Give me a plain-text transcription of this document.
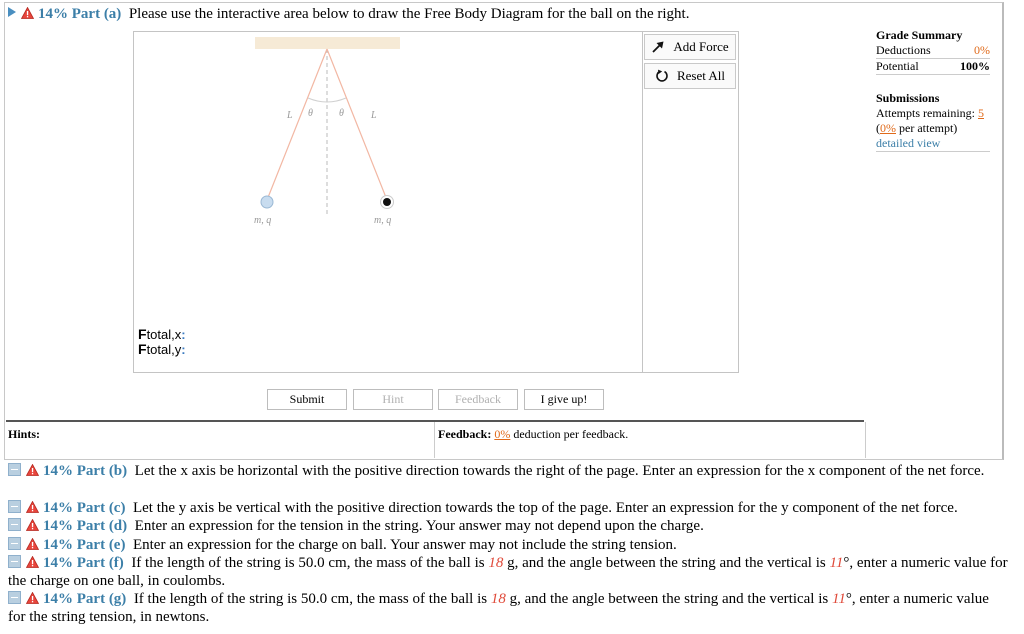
14% Part (a) Please use the interactive area below to draw the Free Body Diagram for the ball on the right.
L θ	θ	L
m, q	m, q
Add Force
Reset All
Ftotal,x:
Ftotal,y:
Grade Summary
Deductions	0%
Potential	100%
Submissions
Attempts remaining: 5
(0% per attempt)
detailed view
Submit	Hint	Feedback	I give up!
Hints:	Feedback: 0% deduction per feedback.
14% Part (b) Let the x axis be horizontal with the positive direction towards the right of the page. Enter an expression for the x component of the net force.
14% Part (c) Let the y axis be vertical with the positive direction towards the top of the page. Enter an expression for the y component of the net force.
14% Part (d) Enter an expression for the tension in the string. Your answer may not depend upon the charge.
14% Part (e) Enter an expression for the charge on ball. Your answer may not include the string tension.
14% Part (f) If the length of the string is 50.0 cm, the mass of the ball is 18 g, and the angle between the string and the vertical is 11°, enter a numeric value for the charge on one ball, in coulombs.
14% Part (g) If the length of the string is 50.0 cm, the mass of the ball is 18 g, and the angle between the string and the vertical is 11°, enter a numeric value for the string tension, in newtons.
